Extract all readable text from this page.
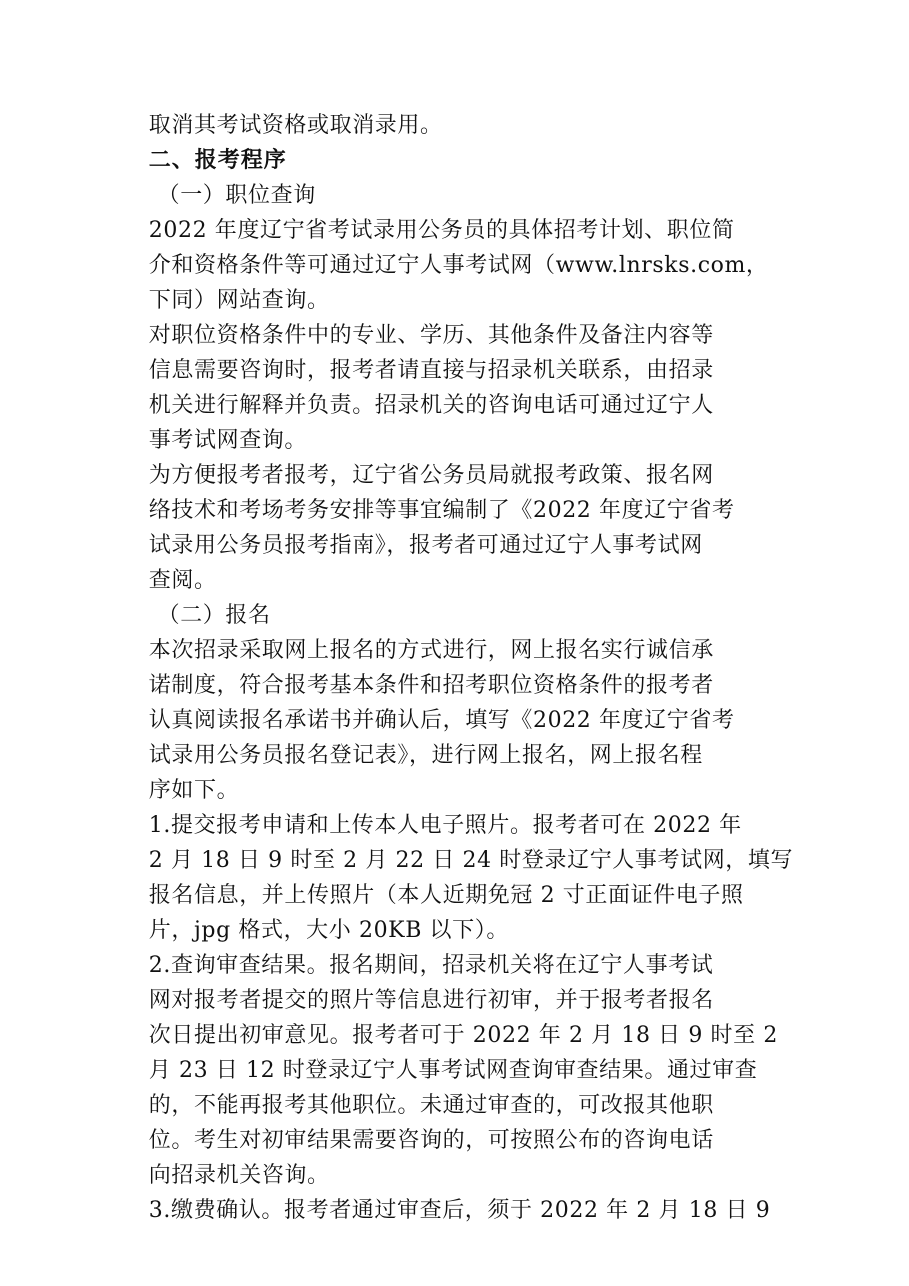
取消其考试资格或取消录用。
二、报考程序
（一）职位查询
2022 年度辽宁省考试录用公务员的具体招考计划、职位简
介和资格条件等可通过辽宁人事考试网（www.lnrsks.com，
下同）网站查询。
对职位资格条件中的专业、学历、其他条件及备注内容等
信息需要咨询时，报考者请直接与招录机关联系，由招录
机关进行解释并负责。招录机关的咨询电话可通过辽宁人
事考试网查询。
为方便报考者报考，辽宁省公务员局就报考政策、报名网
络技术和考场考务安排等事宜编制了《2022 年度辽宁省考
试录用公务员报考指南》，报考者可通过辽宁人事考试网
查阅。
（二）报名
本次招录采取网上报名的方式进行，网上报名实行诚信承
诺制度，符合报考基本条件和招考职位资格条件的报考者
认真阅读报名承诺书并确认后，填写《2022 年度辽宁省考
试录用公务员报名登记表》，进行网上报名，网上报名程
序如下。
1.提交报考申请和上传本人电子照片。报考者可在 2022 年
2 月 18 日 9 时至 2 月 22 日 24 时登录辽宁人事考试网，填写
报名信息，并上传照片（本人近期免冠 2 寸正面证件电子照
片，jpg 格式，大小 20KB 以下）。
2.查询审查结果。报名期间，招录机关将在辽宁人事考试
网对报考者提交的照片等信息进行初审，并于报考者报名
次日提出初审意见。报考者可于 2022 年 2 月 18 日 9 时至 2
月 23 日 12 时登录辽宁人事考试网查询审查结果。通过审查
的，不能再报考其他职位。未通过审查的，可改报其他职
位。考生对初审结果需要咨询的，可按照公布的咨询电话
向招录机关咨询。
3.缴费确认。报考者通过审查后，须于 2022 年 2 月 18 日 9
